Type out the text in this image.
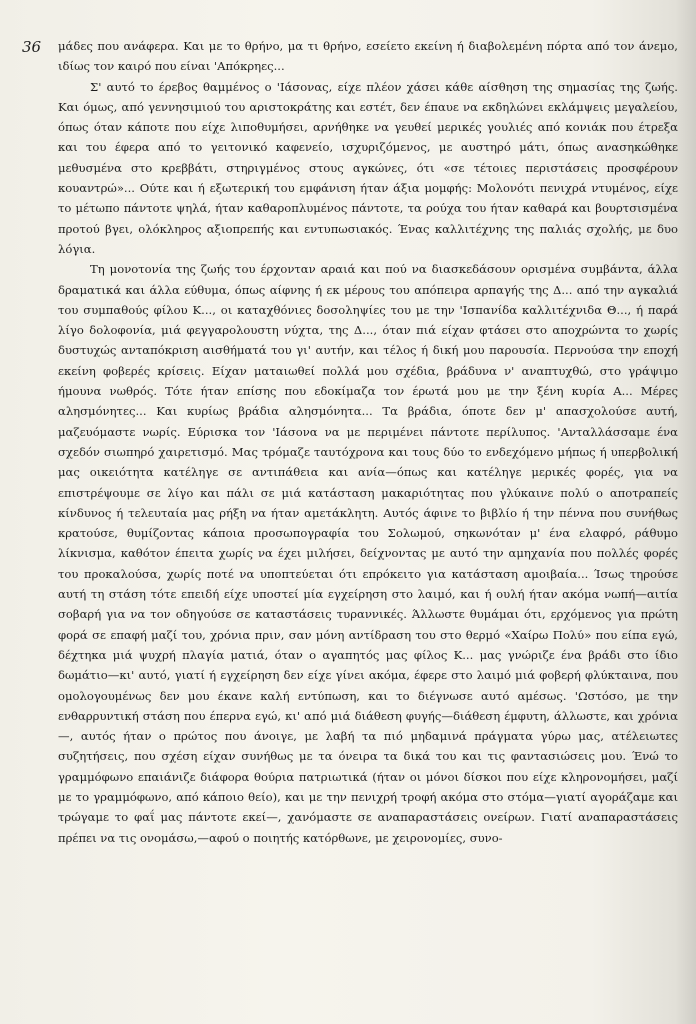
36 μάδες που ανάφερα. Και με το θρήνο, μα τι θρήνο, εσείετο εκείνη ή διαβολεμένη πόρτα από τον άνεμο, ιδίως τον καιρό που είναι 'Απόκρηες...

Σ' αυτό το έρεβος θαμμένος ο 'Ιάσονας, είχε πλέον χάσει κάθε αίσθηση της σημασίας της ζωής. Και όμως, από γεννησιμιού του αριστοκράτης και εστέτ, δεν έπαυε να εκδηλώνει εκλάμψεις μεγαλείου, όπως όταν κάποτε που είχε λιποθυμήσει, αρνήθηκε να γευθεί μερικές γουλιές από κονιάκ που έτρεξα και του έφερα από το γειτονικό καφενείο, ισχυριζόμενος, με αυστηρό μάτι, όπως ανασηκώθηκε μεθυσμένα στο κρεββάτι, στηριγμένος στους αγκώνες, ότι «σε τέτοιες περιστάσεις προσφέρουν κουαντρώ»... Ούτε και ή εξωτερική του εμφάνιση ήταν άξια μομφής: Μολονότι πενιχρά ντυμένος, είχε το μέτωπο πάντοτε ψηλά, ήταν καθαροπλυμένος πάντοτε, τα ρούχα του ήταν καθαρά και βουρτσισμένα προτού βγει, ολόκληρος αξιοπρεπής και εντυπωσιακός. Ένας καλλιτέχνης της παλιάς σχολής, με δυο λόγια.

Τη μονοτονία της ζωής του έρχονταν αραιά και πού να διασκεδάσουν ορισμένα συμβάντα, άλλα δραματικά και άλλα εύθυμα, όπως αίφνης ή εκ μέρους του απόπειρα αρπαγής της Δ... από την αγκαλιά του συμπαθούς φίλου Κ..., οι καταχθόνιες δοσοληψίες του με την 'Ισπανίδα καλλιτέχνιδα Θ..., ή παρά λίγο δολοφονία, μιά φεγγαρολουστη νύχτα, της Δ..., όταν πιά είχαν φτάσει στο αποχρώντα το χωρίς δυστυχώς ανταπόκριση αισθήματά του γι' αυτήν, και τέλος ή δική μου παρουσία. Περνούσα την εποχή εκείνη φοβερές κρίσεις. Είχαν ματαιωθεί πολλά μου σχέδια, βράδυνα ν' αναπτυχθώ, στο γράψιμο ήμουνα νωθρός. Τότε ήταν επίσης που εδοκίμαζα τον έρωτά μου με την ξένη κυρία Α... Μέρες αλησμόνητες... Και κυρίως βράδια αλησμόνητα... Τα βράδια, όποτε δεν μ' απασχολούσε αυτή, μαζευόμαστε νωρίς. Εύρισκα τον 'Ιάσονα να με περιμένει πάντοτε περίλυπος. 'Ανταλλάσσαμε ένα σχεδόν σιωπηρό χαιρετισμό. Μας τρόμαζε ταυτόχρονα και τους δύο το ενδεχόμενο μήπως ή υπερβολική μας οικειότητα κατέληγε σε αντιπάθεια και ανία—όπως και κατέληγε μερικές φορές, για να επιστρέψουμε σε λίγο και πάλι σε μιά κατάσταση μακαριότητας που γλύκαινε πολύ ο αποτραπείς κίνδυνος ή τελευταία μας ρήξη να ήταν αμετάκλητη. Αυτός άφινε το βιβλίο ή την πέννα που συνήθως κρατούσε, θυμίζοντας κάποια προσωπογραφία του Σολωμού, σηκωνόταν μ' ένα ελαφρό, ράθυμο λίκνισμα, καθότον έπειτα χωρίς να έχει μιλήσει, δείχνοντας με αυτό την αμηχανία που πολλές φορές του προκαλούσα, χωρίς ποτέ να υποπτεύεται ότι επρόκειτο για κατάσταση αμοιβαία... Ίσως τηρούσε αυτή τη στάση τότε επειδή είχε υποστεί μία εγχείρηση στο λαιμό, και ή ουλή ήταν ακόμα νωπή—αιτία σοβαρή για να τον οδηγούσε σε καταστάσεις τυραννικές. Άλλωστε θυμάμαι ότι, ερχόμενος για πρώτη φορά σε επαφή μαζί του, χρόνια πριν, σαν μόνη αντίδραση του στο θερμό «Χαίρω Πολύ» που είπα εγώ, δέχτηκα μιά ψυχρή πλαγία ματιά, όταν ο αγαπητός μας φίλος Κ... μας γνώριζε ένα βράδι στο ίδιο δωμάτιο—κι' αυτό, γιατί ή εγχείρηση δεν είχε γίνει ακόμα, έφερε στο λαιμό μιά φοβερή φλύκταινα, που ομολογουμένως δεν μου έκανε καλή εντύπωση, και το διέγνωσε αυτό αμέσως. 'Ωστόσο, με την ενθαρρυντική στάση που έπερνα εγώ, κι' από μιά διάθεση φυγής—διάθεση έμφυτη, άλλωστε, και χρόνια—, αυτός ήταν ο πρώτος που άνοιγε, με λαβή τα πιό μηδαμινά πράγματα γύρω μας, ατέλειωτες συζητήσεις, που σχέση είχαν συνήθως με τα όνειρα τα δικά του και τις φαντασιώσεις μου. Ένώ το γραμμόφωνο επαιάνιζε διάφορα θούρια πατριωτικά (ήταν οι μόνοι δίσκοι που είχε κληρονομήσει, μαζί με το γραμμόφωνο, από κάποιο θείο), και με την πενιχρή τροφή ακόμα στο στόμα—γιατί αγοράζαμε και τρώγαμε το φαΐ μας πάντοτε εκεί—, χανόμαστε σε αναπαραστάσεις ονείρων. Γιατί αναπαραστάσεις πρέπει να τις ονομάσω,—αφού ο ποιητής κατόρθωνε, με χειρονομίες, συνο-
